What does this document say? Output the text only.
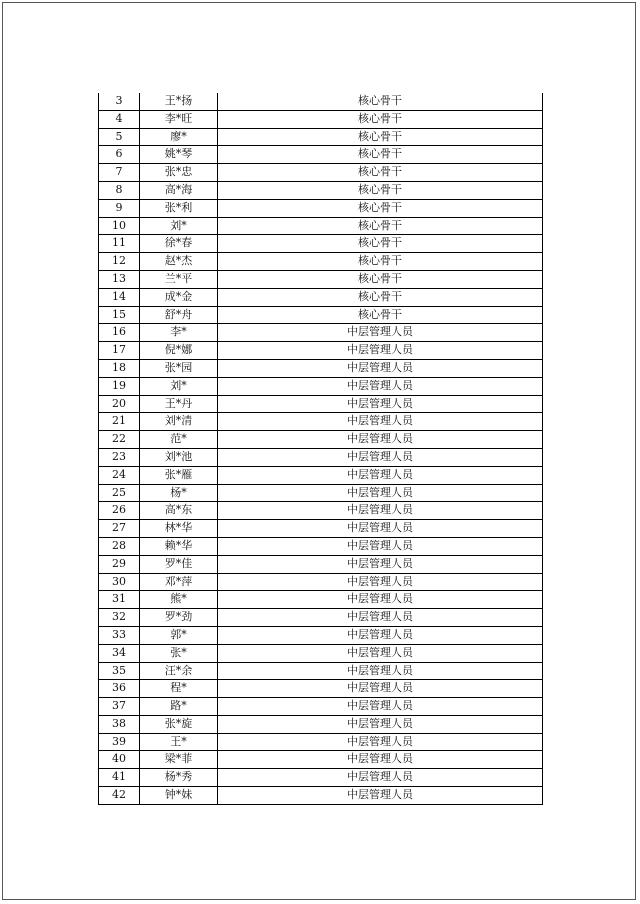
3	王*扬	核心骨干
4	李*旺	核心骨干
5	廖*	核心骨干
6	姚*琴	核心骨干
7	张*忠	核心骨干
8	高*海	核心骨干
9	张*利	核心骨干
10	刘*	核心骨干
11	徐*春	核心骨干
12	赵*杰	核心骨干
13	兰*平	核心骨干
14	成*金	核心骨干
15	舒*舟	核心骨干
16	李*	中层管理人员
17	倪*娜	中层管理人员
18	张*园	中层管理人员
19	刘*	中层管理人员
20	王*丹	中层管理人员
21	刘*清	中层管理人员
22	范*	中层管理人员
23	刘*池	中层管理人员
24	张*雁	中层管理人员
25	杨*	中层管理人员
26	高*东	中层管理人员
27	林*华	中层管理人员
28	赖*华	中层管理人员
29	罗*佳	中层管理人员
30	邓*萍	中层管理人员
31	熊*	中层管理人员
32	罗*劲	中层管理人员
33	郭*	中层管理人员
34	张*	中层管理人员
35	汪*余	中层管理人员
36	程*	中层管理人员
37	路*	中层管理人员
38	张*旋	中层管理人员
39	王*	中层管理人员
40	梁*菲	中层管理人员
41	杨*秀	中层管理人员
42	钟*妹	中层管理人员
